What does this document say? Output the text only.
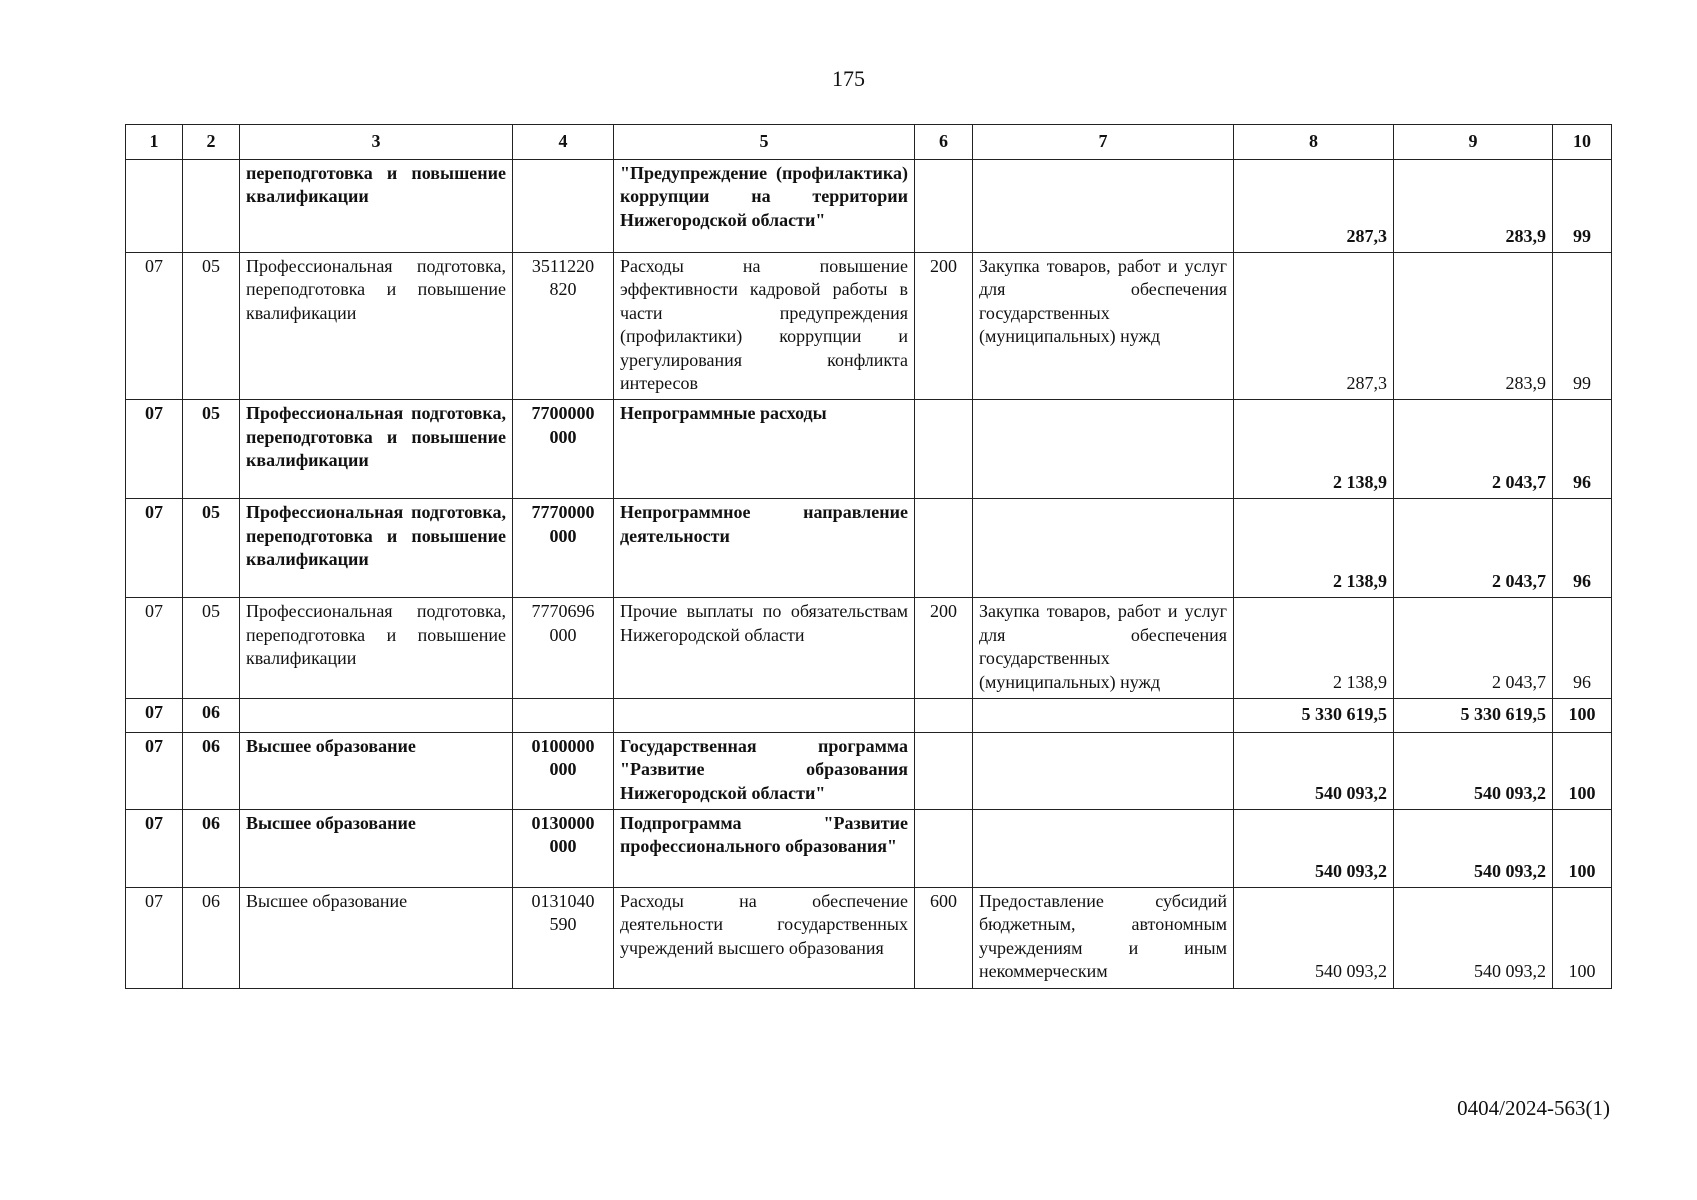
175
1	2	3	4	5	6	7	8	9	10
		переподготовка и повышение квалификации		"Предупреждение (профилактика) коррупции на территории Нижегородской области"			287,3	283,9	99
07	05	Профессиональная подготовка, переподготовка и повышение квалификации	3511220 820	Расходы на повышение эффективности кадровой работы в части предупреждения (профилактики) коррупции и урегулирования конфликта интересов	200	Закупка товаров, работ и услуг для обеспечения государственных (муниципальных) нужд	287,3	283,9	99
07	05	Профессиональная подготовка, переподготовка и повышение квалификации	7700000 000	Непрограммные расходы			2 138,9	2 043,7	96
07	05	Профессиональная подготовка, переподготовка и повышение квалификации	7770000 000	Непрограммное направление деятельности			2 138,9	2 043,7	96
07	05	Профессиональная подготовка, переподготовка и повышение квалификации	7770696 000	Прочие выплаты по обязательствам Нижегородской области	200	Закупка товаров, работ и услуг для обеспечения государственных (муниципальных) нужд	2 138,9	2 043,7	96
07	06						5 330 619,5	5 330 619,5	100
07	06	Высшее образование	0100000 000	Государственная программа "Развитие образования Нижегородской области"			540 093,2	540 093,2	100
07	06	Высшее образование	0130000 000	Подпрограмма "Развитие профессионального образования"			540 093,2	540 093,2	100
07	06	Высшее образование	0131040 590	Расходы на обеспечение деятельности государственных учреждений высшего образования	600	Предоставление субсидий бюджетным, автономным учреждениям и иным некоммерческим	540 093,2	540 093,2	100
0404/2024-563(1)
